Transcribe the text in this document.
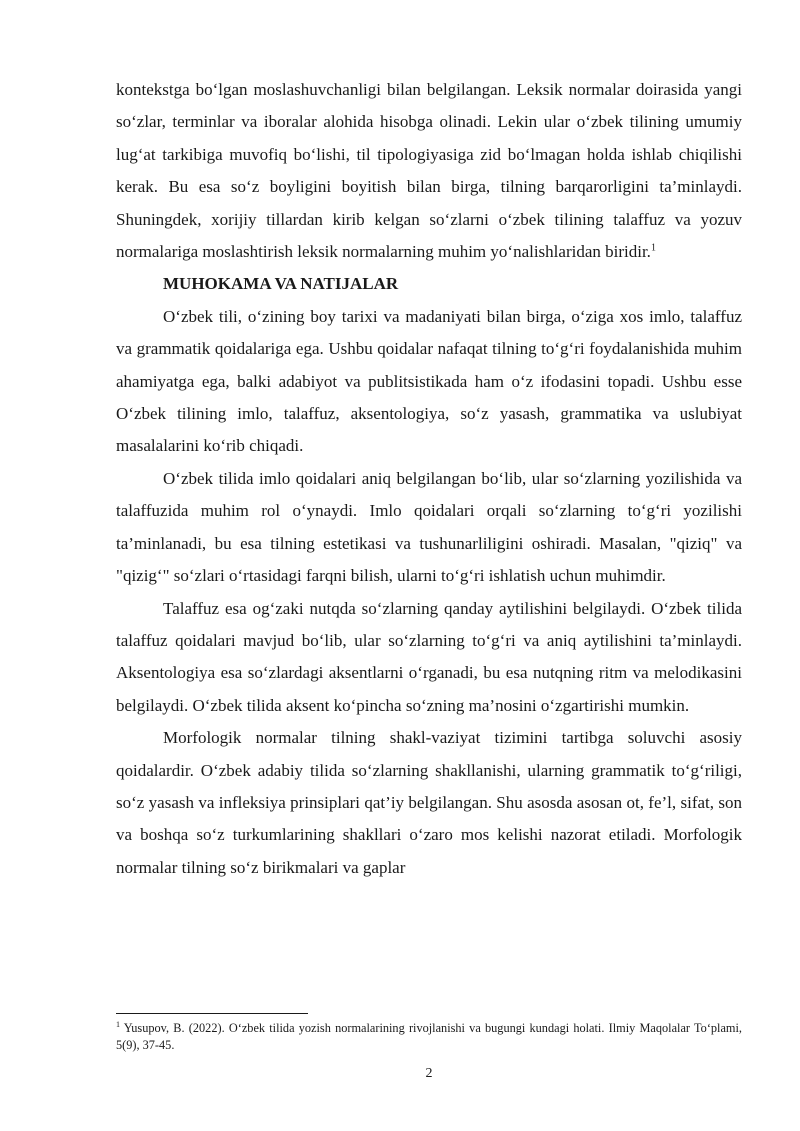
kontekstga bo‘lgan moslashuvchanligi bilan belgilangan. Leksik normalar doirasida yangi so‘zlar, terminlar va iboralar alohida hisobga olinadi. Lekin ular o‘zbek tilining umumiy lug‘at tarkibiga muvofiq bo‘lishi, til tipologiyasiga zid bo‘lmagan holda ishlab chiqilishi kerak. Bu esa so‘z boyligini boyitish bilan birga, tilning barqarorligini ta’minlaydi. Shuningdek, xorijiy tillardan kirib kelgan so‘zlarni o‘zbek tilining talaffuz va yozuv normalariga moslashtirish leksik normalarning muhim yo‘nalishlaridan biridir.$^1$

MUHOKAMA VA NATIJALAR

O‘zbek tili, o‘zining boy tarixi va madaniyati bilan birga, o‘ziga xos imlo, talaffuz va grammatik qoidalariga ega. Ushbu qoidalar nafaqat tilning to‘g‘ri foydalanishida muhim ahamiyatga ega, balki adabiyot va publitsistikada ham o‘z ifodasini topadi. Ushbu esse O‘zbek tilining imlo, talaffuz, aksentologiya, so‘z yasash, grammatika va uslubiyat masalalarini ko‘rib chiqadi.

O‘zbek tilida imlo qoidalari aniq belgilangan bo‘lib, ular so‘zlarning yozilishida va talaffuzida muhim rol o‘ynaydi. Imlo qoidalari orqali so‘zlarning to‘g‘ri yozilishi ta’minlanadi, bu esa tilning estetikasi va tushunarliligini oshiradi. Masalan, "qiziq" va "qizig‘" so‘zlari o‘rtasidagi farqni bilish, ularni to‘g‘ri ishlatish uchun muhimdir.

Talaffuz esa og‘zaki nutqda so‘zlarning qanday aytilishini belgilaydi. O‘zbek tilida talaffuz qoidalari mavjud bo‘lib, ular so‘zlarning to‘g‘ri va aniq aytilishini ta’minlaydi. Aksentologiya esa so‘zlardagi aksentlarni o‘rganadi, bu esa nutqning ritm va melodikasini belgilaydi. O‘zbek tilida aksent ko‘pincha so‘zning ma’nosini o‘zgartirishi mumkin.

Morfologik normalar tilning shakl-vaziyat tizimini tartibga soluvchi asosiy qoidalardir. O‘zbek adabiy tilida so‘zlarning shakllanishi, ularning grammatik to‘g‘riligi, so‘z yasash va infleksiya prinsiplari qat’iy belgilangan. Shu asosda asosan ot, fe’l, sifat, son va boshqa so‘z turkumlarining shakllari o‘zaro mos kelishi nazorat etiladi. Morfologik normalar tilning so‘z birikmalari va gaplar

$^1$ Yusupov, B. (2022). O‘zbek tilida yozish normalarining rivojlanishi va bugungi kundagi holati. Ilmiy Maqolalar To‘plami, 5(9), 37-45.

2
